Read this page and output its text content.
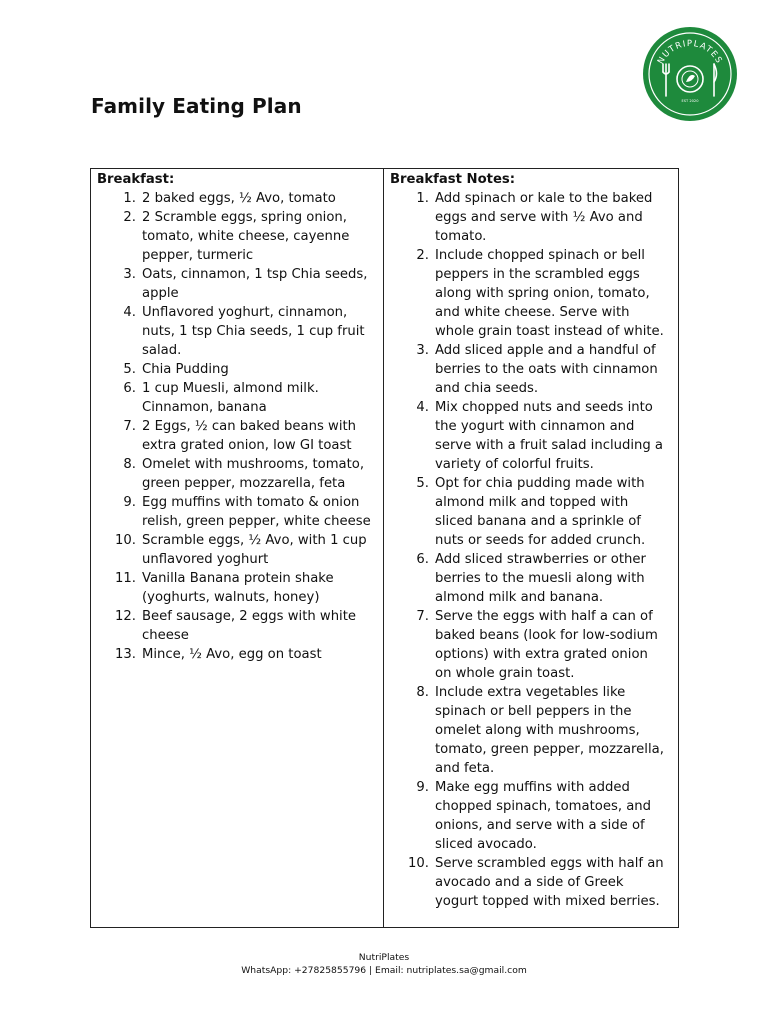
Family Eating Plan
NUTRIPLATES
EST 2020
Breakfast:
1. 2 baked eggs, ½ Avo, tomato
2. 2 Scramble eggs, spring onion, tomato, white cheese, cayenne pepper, turmeric
3. Oats, cinnamon, 1 tsp Chia seeds, apple
4. Unflavored yoghurt, cinnamon, nuts, 1 tsp Chia seeds, 1 cup fruit salad.
5. Chia Pudding
6. 1 cup Muesli, almond milk. Cinnamon, banana
7. 2 Eggs, ½ can baked beans with extra grated onion, low GI toast
8. Omelet with mushrooms, tomato, green pepper, mozzarella, feta
9. Egg muffins with tomato & onion relish, green pepper, white cheese
10. Scramble eggs, ½ Avo, with 1 cup unflavored yoghurt
11. Vanilla Banana protein shake (yoghurts, walnuts, honey)
12. Beef sausage, 2 eggs with white cheese
13. Mince, ½ Avo, egg on toast
Breakfast Notes:
1. Add spinach or kale to the baked eggs and serve with ½ Avo and tomato.
2. Include chopped spinach or bell peppers in the scrambled eggs along with spring onion, tomato, and white cheese. Serve with whole grain toast instead of white.
3. Add sliced apple and a handful of berries to the oats with cinnamon and chia seeds.
4. Mix chopped nuts and seeds into the yogurt with cinnamon and serve with a fruit salad including a variety of colorful fruits.
5. Opt for chia pudding made with almond milk and topped with sliced banana and a sprinkle of nuts or seeds for added crunch.
6. Add sliced strawberries or other berries to the muesli along with almond milk and banana.
7. Serve the eggs with half a can of baked beans (look for low-sodium options) with extra grated onion on whole grain toast.
8. Include extra vegetables like spinach or bell peppers in the omelet along with mushrooms, tomato, green pepper, mozzarella, and feta.
9. Make egg muffins with added chopped spinach, tomatoes, and onions, and serve with a side of sliced avocado.
10. Serve scrambled eggs with half an avocado and a side of Greek yogurt topped with mixed berries.
NutriPlates
WhatsApp: +27825855796 | Email: nutriplates.sa@gmail.com
